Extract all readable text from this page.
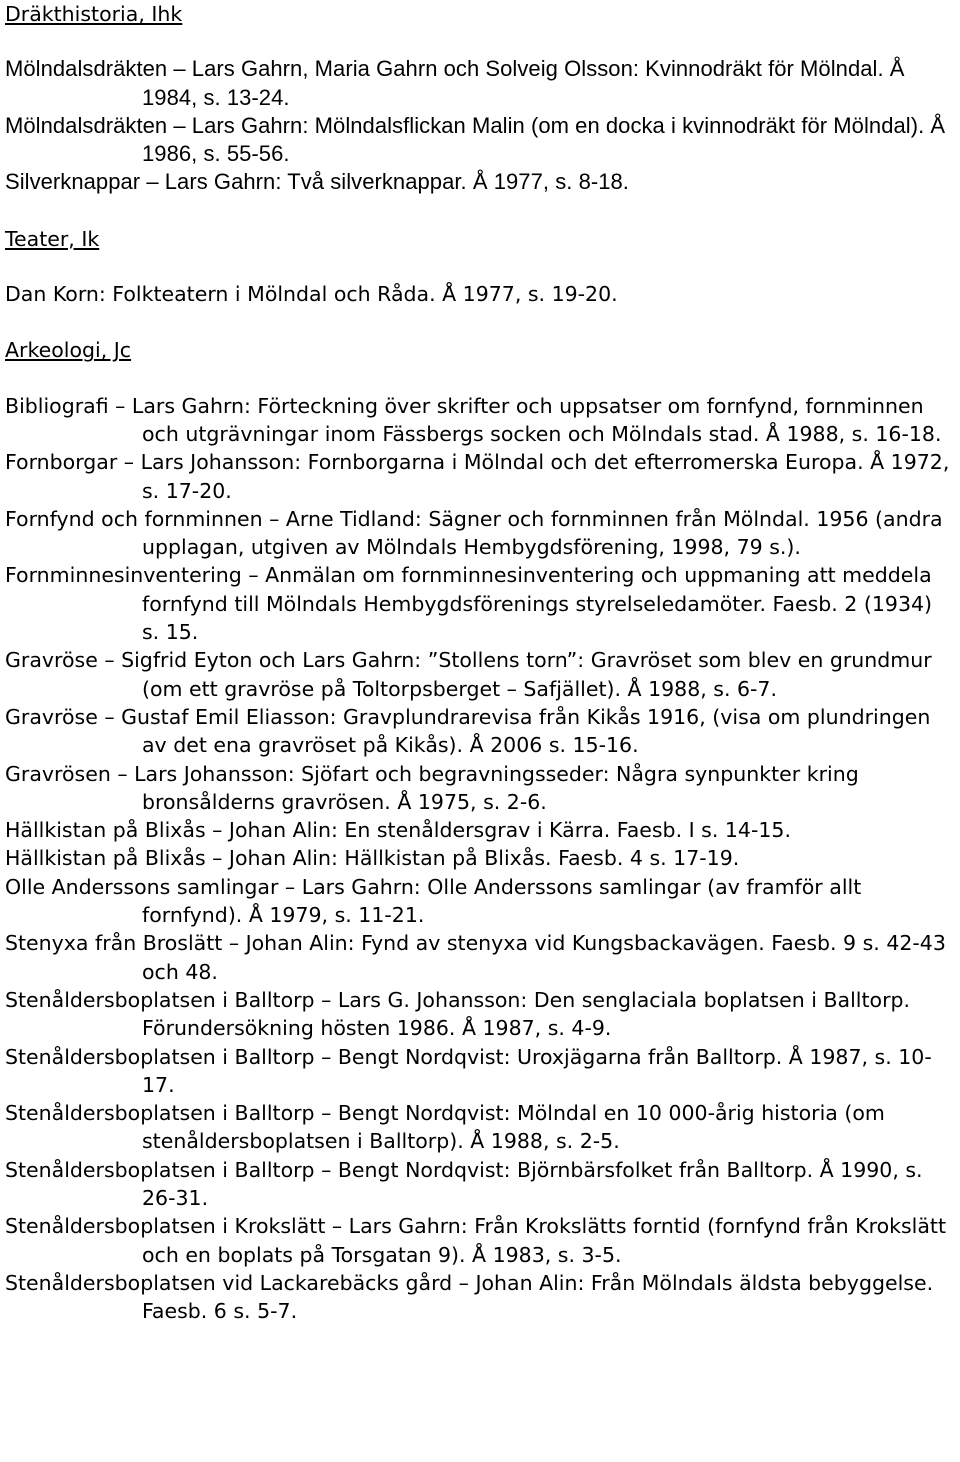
Dräkthistoria, Ihk

Mölndalsdräkten – Lars Gahrn, Maria Gahrn och Solveig Olsson: Kvinnodräkt för Mölndal. Å 1984, s. 13-24.

Mölndalsdräkten – Lars Gahrn: Mölndalsflickan Malin (om en docka i kvinnodräkt för Mölndal). Å 1986, s. 55-56.

Silverknappar – Lars Gahrn: Två silverknappar. Å 1977, s. 8-18.

Teater, Ik

Dan Korn: Folkteatern i Mölndal och Råda. Å 1977, s. 19-20.

Arkeologi, Jc

Bibliografi – Lars Gahrn: Förteckning över skrifter och uppsatser om fornfynd, fornminnen och utgrävningar inom Fässbergs socken och Mölndals stad. Å 1988, s. 16-18.

Fornborgar – Lars Johansson: Fornborgarna i Mölndal och det efterromerska Europa. Å 1972, s. 17-20.

Fornfynd och fornminnen – Arne Tidland: Sägner och fornminnen från Mölndal. 1956 (andra upplagan, utgiven av Mölndals Hembygdsförening, 1998, 79 s.).

Fornminnesinventering – Anmälan om fornminnesinventering och uppmaning att meddela fornfynd till Mölndals Hembygdsförenings styrelseledamöter. Faesb. 2 (1934) s. 15.

Gravröse – Sigfrid Eyton och Lars Gahrn: ”Stollens torn”: Gravröset som blev en grundmur (om ett gravröse på Toltorpsberget – Safjället). Å 1988, s. 6-7.

Gravröse – Gustaf Emil Eliasson: Gravplundrarevisa från Kikås 1916, (visa om plundringen av det ena gravröset på Kikås). Å 2006 s. 15-16.

Gravrösen – Lars Johansson: Sjöfart och begravningsseder: Några synpunkter kring bronsålderns gravrösen. Å 1975, s. 2-6.

Hällkistan på Blixås – Johan Alin: En stenåldersgrav i Kärra. Faesb. I s. 14-15.

Hällkistan på Blixås – Johan Alin: Hällkistan på Blixås. Faesb. 4 s. 17-19.

Olle Anderssons samlingar – Lars Gahrn: Olle Anderssons samlingar (av framför allt fornfynd). Å 1979, s. 11-21.

Stenyxa från Broslätt – Johan Alin: Fynd av stenyxa vid Kungsbackavägen. Faesb. 9 s. 42-43 och 48.

Stenåldersboplatsen i Balltorp – Lars G. Johansson: Den senglaciala boplatsen i Balltorp. Förundersökning hösten 1986. Å 1987, s. 4-9.

Stenåldersboplatsen i Balltorp – Bengt Nordqvist: Uroxjägarna från Balltorp. Å 1987, s. 10-17.

Stenåldersboplatsen i Balltorp – Bengt Nordqvist: Mölndal en 10 000-årig historia (om stenåldersboplatsen i Balltorp). Å 1988, s. 2-5.

Stenåldersboplatsen i Balltorp – Bengt Nordqvist: Björnbärsfolket från Balltorp. Å 1990, s. 26-31.

Stenåldersboplatsen i Krokslätt – Lars Gahrn: Från Krokslätts forntid (fornfynd från Krokslätt och en boplats på Torsgatan 9). Å 1983, s. 3-5.

Stenåldersboplatsen vid Lackarebäcks gård – Johan Alin: Från Mölndals äldsta bebyggelse. Faesb. 6 s. 5-7.
